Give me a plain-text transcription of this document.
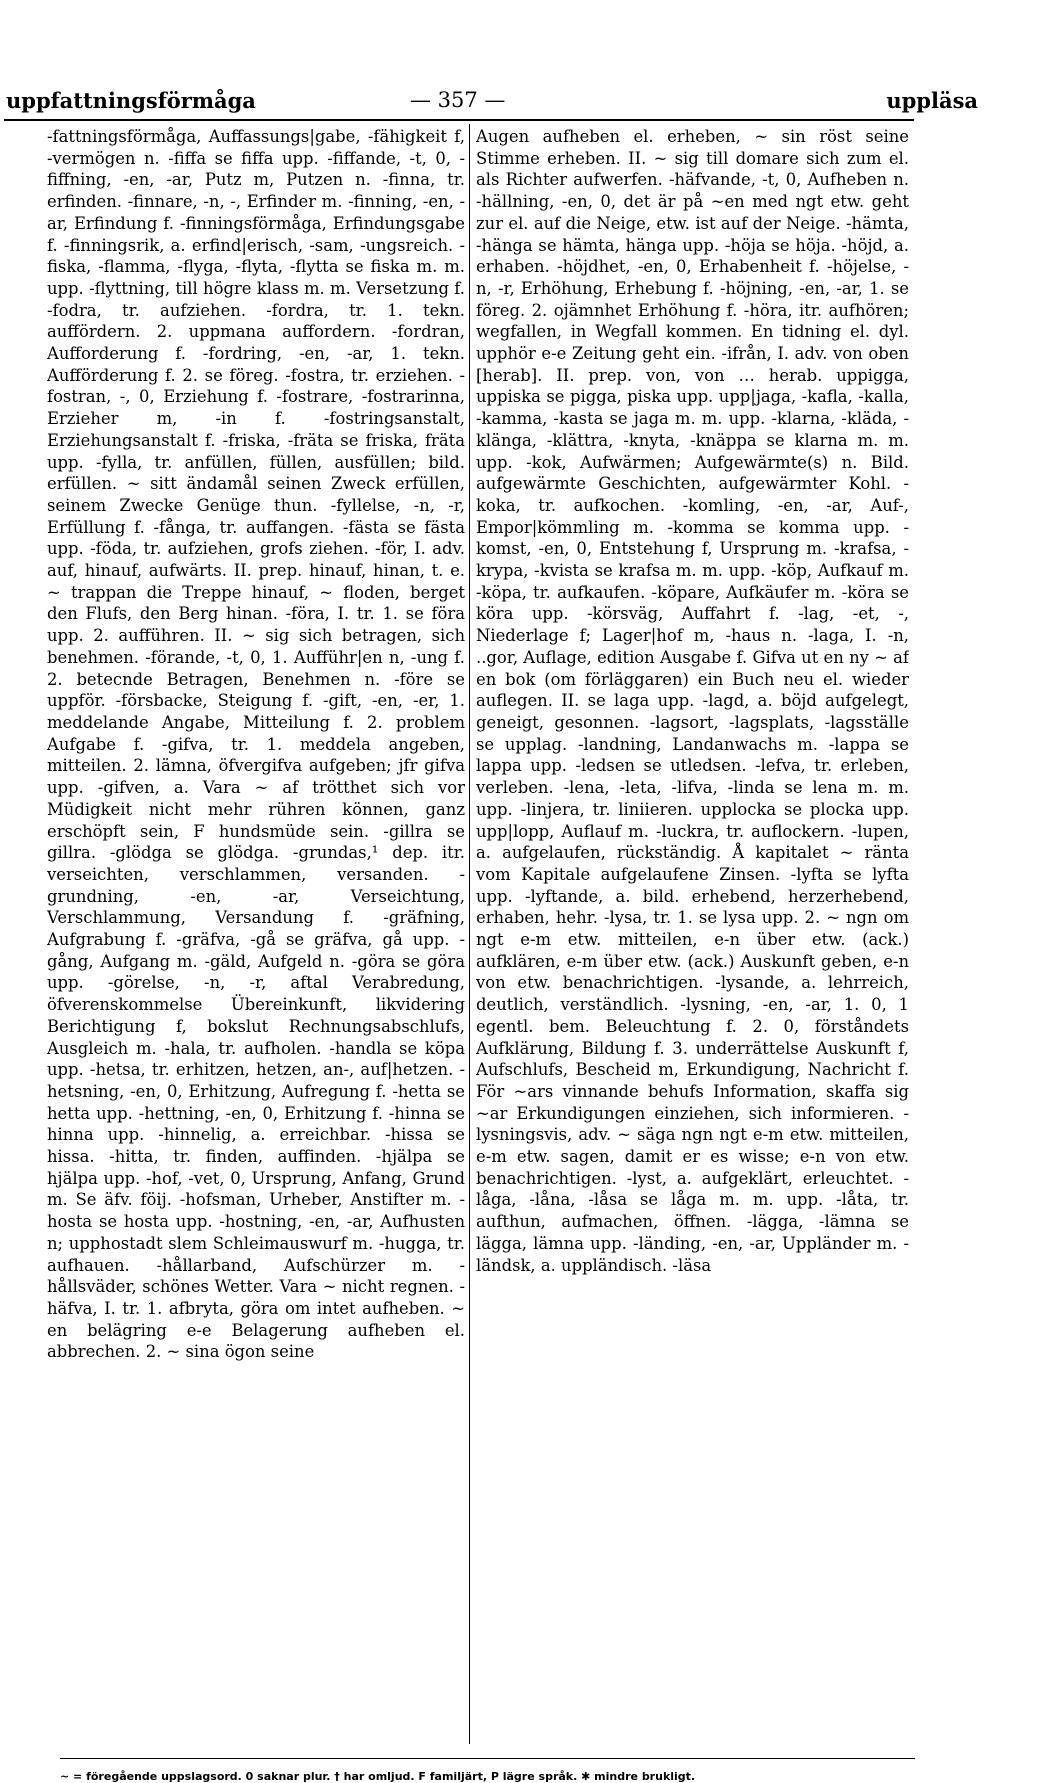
uppfattningsförmåga	— 357 —	uppläsa

-fattningsförmåga, Auffassungs|gabe, -fähigkeit f, -vermögen n. -fiffa se fiffa upp. -fiffande, -t, 0, -fiffning, -en, -ar, Putz m, Putzen n. -finna, tr. erfinden. -finnare, -n, -, Erfinder m. -finning, -en, -ar, Erfindung f. -finningsförmåga, Erfindungsgabe f. -finningsrik, a. erfind|erisch, -sam, -ungsreich. -fiska, -flamma, -flyga, -flyta, -flytta se fiska m. m. upp. -flyttning, till högre klass m. m. Versetzung f. -fodra, tr. aufziehen. -fordra, tr. 1. tekn. auffördern. 2. uppmana auffordern. -fordran, Aufforderung f. -fordring, -en, -ar, 1. tekn. Aufförderung f. 2. se föreg. -fostra, tr. erziehen. -fostran, -, 0, Erziehung f. -fostrare, -fostrarinna, Erzieher m, -in f. -fostringsanstalt, Erziehungsanstalt f. -friska, -fräta se friska, fräta upp. -fylla, tr. anfüllen, füllen, ausfüllen; bild. erfüllen. ~ sitt ändamål seinen Zweck erfüllen, seinem Zwecke Genüge thun. -fyllelse, -n, -r, Erfüllung f. -fånga, tr. auffangen. -fästa se fästa upp. -föda, tr. aufziehen, grofs ziehen. -för, I. adv. auf, hinauf, aufwärts. II. prep. hinauf, hinan, t. e. ~ trappan die Treppe hinauf, ~ floden, berget den Flufs, den Berg hinan. -föra, I. tr. 1. se föra upp. 2. aufführen. II. ~ sig sich betragen, sich benehmen. -förande, -t, 0, 1. Aufführ|en n, -ung f. 2. betecnde Betragen, Benehmen n. -före se uppför. -försbacke, Steigung f. -gift, -en, -er, 1. meddelande Angabe, Mitteilung f. 2. problem Aufgabe f. -gifva, tr. 1. meddela angeben, mitteilen. 2. lämna, öfvergifva aufgeben; jfr gifva upp. -gifven, a. Vara ~ af trötthet sich vor Müdigkeit nicht mehr rühren können, ganz erschöpft sein, F hundsmüde sein. -gillra se gillra. -glödga se glödga. -grundas,¹ dep. itr. verseichten, verschlammen, versanden. -grundning, -en, -ar, Verseichtung, Verschlammung, Versandung f. -gräfning, Aufgrabung f. -gräfva, -gå se gräfva, gå upp. -gång, Aufgang m. -gäld, Aufgeld n. -göra se göra upp. -görelse, -n, -r, aftal Verabredung, öfverenskommelse Übereinkunft, likvidering Berichtigung f, bokslut Rechnungsabschlufs, Ausgleich m. -hala, tr. aufholen. -handla se köpa upp. -hetsa, tr. erhitzen, hetzen, an-, auf|hetzen. -hetsning, -en, 0, Erhitzung, Aufregung f. -hetta se hetta upp. -hettning, -en, 0, Erhitzung f. -hinna se hinna upp. -hinnelig, a. erreichbar. -hissa se hissa. -hitta, tr. finden, auffinden. -hjälpa se hjälpa upp. -hof, -vet, 0, Ursprung, Anfang, Grund m. Se äfv. föij. -hofsman, Urheber, Anstifter m. -hosta se hosta upp. -hostning, -en, -ar, Aufhusten n; upphostadt slem Schleimauswurf m. -hugga, tr. aufhauen. -hållarband, Aufschürzer m. -hållsväder, schönes Wetter. Vara ~ nicht regnen. -häfva, I. tr. 1. afbryta, göra om intet aufheben. ~ en belägring e-e Belagerung aufheben el. abbrechen. 2. ~ sina ögon seine

Augen aufheben el. erheben, ~ sin röst seine Stimme erheben. II. ~ sig till domare sich zum el. als Richter aufwerfen. -häfvande, -t, 0, Aufheben n. -hällning, -en, 0, det är på ~en med ngt etw. geht zur el. auf die Neige, etw. ist auf der Neige. -hämta, -hänga se hämta, hänga upp. -höja se höja. -höjd, a. erhaben. -höjdhet, -en, 0, Erhabenheit f. -höjelse, -n, -r, Erhöhung, Erhebung f. -höjning, -en, -ar, 1. se föreg. 2. ojämnhet Erhöhung f. -höra, itr. aufhören; wegfallen, in Wegfall kommen. En tidning el. dyl. upphör e-e Zeitung geht ein. -ifrån, I. adv. von oben [herab]. II. prep. von, von … herab. uppigga, uppiska se pigga, piska upp. upp|jaga, -kafla, -kalla, -kamma, -kasta se jaga m. m. upp. -klarna, -kläda, -klänga, -klättra, -knyta, -knäppa se klarna m. m. upp. -kok, Aufwärmen; Aufgewärmte(s) n. Bild. aufgewärmte Geschichten, aufgewärmter Kohl. -koka, tr. aufkochen. -komling, -en, -ar, Auf-, Empor|kömmling m. -komma se komma upp. -komst, -en, 0, Entstehung f, Ursprung m. -krafsa, -krypa, -kvista se krafsa m. m. upp. -köp, Aufkauf m. -köpa, tr. aufkaufen. -köpare, Aufkäufer m. -köra se köra upp. -körsväg, Auffahrt f. -lag, -et, -, Niederlage f; Lager|hof m, -haus n. -laga, I. -n, ..gor, Auflage, edition Ausgabe f. Gifva ut en ny ~ af en bok (om förläggaren) ein Buch neu el. wieder auflegen. II. se laga upp. -lagd, a. böjd aufgelegt, geneigt, gesonnen. -lagsort, -lagsplats, -lagsställe se upplag. -landning, Landanwachs m. -lappa se lappa upp. -ledsen se utledsen. -lefva, tr. erleben, verleben. -lena, -leta, -lifva, -linda se lena m. m. upp. -linjera, tr. liniieren. upplocka se plocka upp. upp|lopp, Auflauf m. -luckra, tr. auflockern. -lupen, a. aufgelaufen, rückständig. Å kapitalet ~ ränta vom Kapitale aufgelaufene Zinsen. -lyfta se lyfta upp. -lyftande, a. bild. erhebend, herzerhebend, erhaben, hehr. -lysa, tr. 1. se lysa upp. 2. ~ ngn om ngt e-m etw. mitteilen, e-n über etw. (ack.) aufklären, e-m über etw. (ack.) Auskunft geben, e-n von etw. benachrichtigen. -lysande, a. lehrreich, deutlich, verständlich. -lysning, -en, -ar, 1. 0, 1 egentl. bem. Beleuchtung f. 2. 0, förståndets Aufklärung, Bildung f. 3. underrättelse Auskunft f, Aufschlufs, Bescheid m, Erkundigung, Nachricht f. För ~ars vinnande behufs Information, skaffa sig ~ar Erkundigungen einziehen, sich informieren. -lysningsvis, adv. ~ säga ngn ngt e-m etw. mitteilen, e-m etw. sagen, damit er es wisse; e-n von etw. benachrichtigen. -lyst, a. aufgeklärt, erleuchtet. -låga, -låna, -låsa se låga m. m. upp. -låta, tr. aufthun, aufmachen, öffnen. -lägga, -lämna se lägga, lämna upp. -länding, -en, -ar, Uppländer m. -ländsk, a. uppländisch. -läsa

~ = föregående uppslagsord. 0 saknar plur. † har omljud. F familjärt, P lägre språk. ✱ mindre brukligt.
